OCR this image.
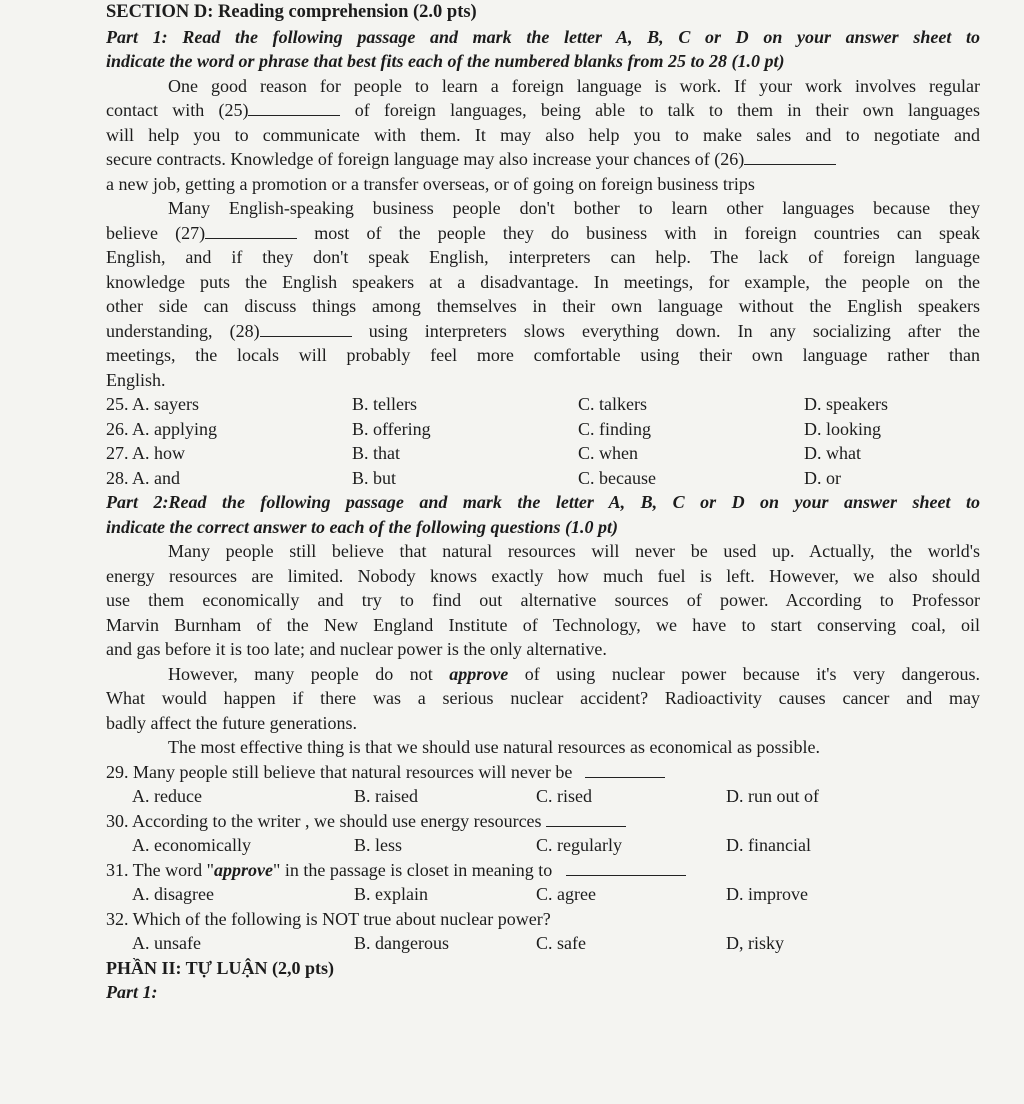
SECTION D: Reading comprehension (2.0 pts)
Part 1: Read the following passage and mark the letter A, B, C or D on your answer sheet to
indicate the word or phrase that best fits each of the numbered blanks from 25 to 28 (1.0 pt)
One good reason for people to learn a foreign language is work. If your work involves regular
contact with (25)	of foreign languages, being able to talk to them in their own languages
will help you to communicate with them. It may also help you to make sales and to negotiate and
secure contracts. Knowledge of foreign language may also increase your chances of (26)
a new job, getting a promotion or a transfer overseas, or of going on foreign business trips
Many English-speaking business people don't bother to learn other languages because they
believe (27)	most of the people they do business with in foreign countries can speak
English, and if they don't speak English, interpreters can help. The lack of foreign language
knowledge puts the English speakers at a disadvantage. In meetings, for example, the people on the
other side can discuss things among themselves in their own language without the English speakers
understanding, (28)	using interpreters slows everything down. In any socializing after the
meetings, the locals will probably feel more comfortable using their own language rather than
English.
25. A. sayers	B. tellers	C. talkers	D. speakers
26. A. applying	B. offering	C. finding	D. looking
27. A. how	B. that	C. when	D. what
28. A. and	B. but	C. because	D. or
Part 2:Read the following passage and mark the letter A, B, C or D on your answer sheet to
indicate the correct answer to each of the following questions (1.0 pt)
Many people still believe that natural resources will never be used up. Actually, the world's
energy resources are limited. Nobody knows exactly how much fuel is left. However, we also should
use them economically and try to find out alternative sources of power. According to Professor
Marvin Burnham of the New England Institute of Technology, we have to start conserving coal, oil
and gas before it is too late; and nuclear power is the only alternative.
However, many people do not approve of using nuclear power because it's very dangerous.
What would happen if there was a serious nuclear accident? Radioactivity causes cancer and may
badly affect the future generations.
The most effective thing is that we should use natural resources as economical as possible.
29. Many people still believe that natural resources will never be
A. reduce	B. raised	C. rised	D. run out of
30. According to the writer , we should use energy resources
A. economically	B. less	C. regularly	D. financial
31. The word "approve" in the passage is closet in meaning to
A. disagree	B. explain	C. agree	D. improve
32. Which of the following is NOT true about nuclear power?
A. unsafe	B. dangerous	C. safe	D, risky
PHẦN II: TỰ LUẬN (2,0 pts)
Part 1:
